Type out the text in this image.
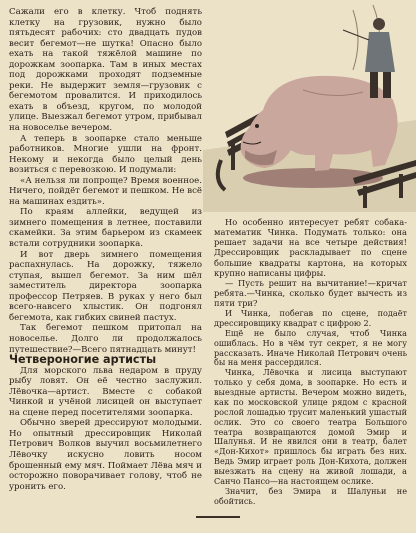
Сажали его в клетку. Чтоб поднять клетку на грузовик, нужно было пятьдесят рабочих: сто двадцать пудов весит бегемот—не шутка! Опасно было ехать на такой тяжёлой машине по дорожкам зоопарка. Там в иных местах под дорожками проходят подземные реки. Не выдержит земля—грузовик с бегемотом провалится. И приходилось ехать в объезд, кругом, по молодой улице. Выезжал бегемот утром, прибывал на новоселье вечером.

А теперь в зоопарке стало меньше работников. Многие ушли на фронт. Некому и некогда было целый день возиться с перевозкою. И подумали:

«А нельзя ли попроще? Время военное. Ничего, пойдёт бегемот и пешком. Не всё на машинах ездить».

По краям аллейки, ведущей из зимнего помещения в летнее, поставили скамейки. За этим барьером из скамеек встали сотрудники зоопарка.

И вот дверь зимнего помещения распахнулась. На дорожку, тяжело ступая, вышел бегемот. За ним шёл заместитель директора зоопарка профессор Петряев. В руках у него был всего-навсего хлыстик. Он подгонял бегемота, как гибких свиней пастух.

Так бегемот пешком притопал на новоселье. Долго ли продолжалось путешествие?—Всего пятнадцать минут!

Четвероногие артисты

Для морского льва недаром в пруду рыбу ловят. Он её честно заслужил. Лёвочка—артист. Вместе с собакой Чинкой и учёной лисицей он выступает на сцене перед посетителями зоопарка.

Обычно зверей дрессируют молодыми. Но опытный дрессировщик Николай Петрович Волков выучил восьмилетнего Лёвочку искусно ловить носом брошенный ему мяч. Поймает Лёва мяч и осторожно поворачивает голову, чтоб не уронить его.

Но особенно интересует ребят собака-математик Чинка. Подумать только: она решает задачи на все четыре действия! Дрессировщик раскладывает по сцене большие квадраты картона, на которых крупно написаны цифры.

— Пусть решит на вычитание!—кричат ребята.—Чинка, сколько будет вычесть из пяти три?

И Чинка, побегав по сцене, подаёт дрессировщику квадрат с цифрою 2.

Ещё не было случая, чтоб Чинка ошиблась. Но в чём тут секрет, я не могу рассказать. Иначе Николай Петрович очень бы на меня рассердился.

Чинка, Лёвочка и лисица выступают только у себя дома, в зоопарке. Но есть и выездные артисты. Вечером можно видеть, как по московской улице рядом с красной рослой лошадью трусит маленький ушастый ослик. Это со своего театра Большого театра возвращаются домой Эмир и Шалунья. И не явился они в театр, балет «Дон-Кихот» пришлось бы играть без них. Ведь Эмир играет роль Дон-Кихота, должен выезжать на сцену на живой лошади, а Санчо Пансо—на настоящем ослике.

Значит, без Эмира и Шалуньи не обойтись.
